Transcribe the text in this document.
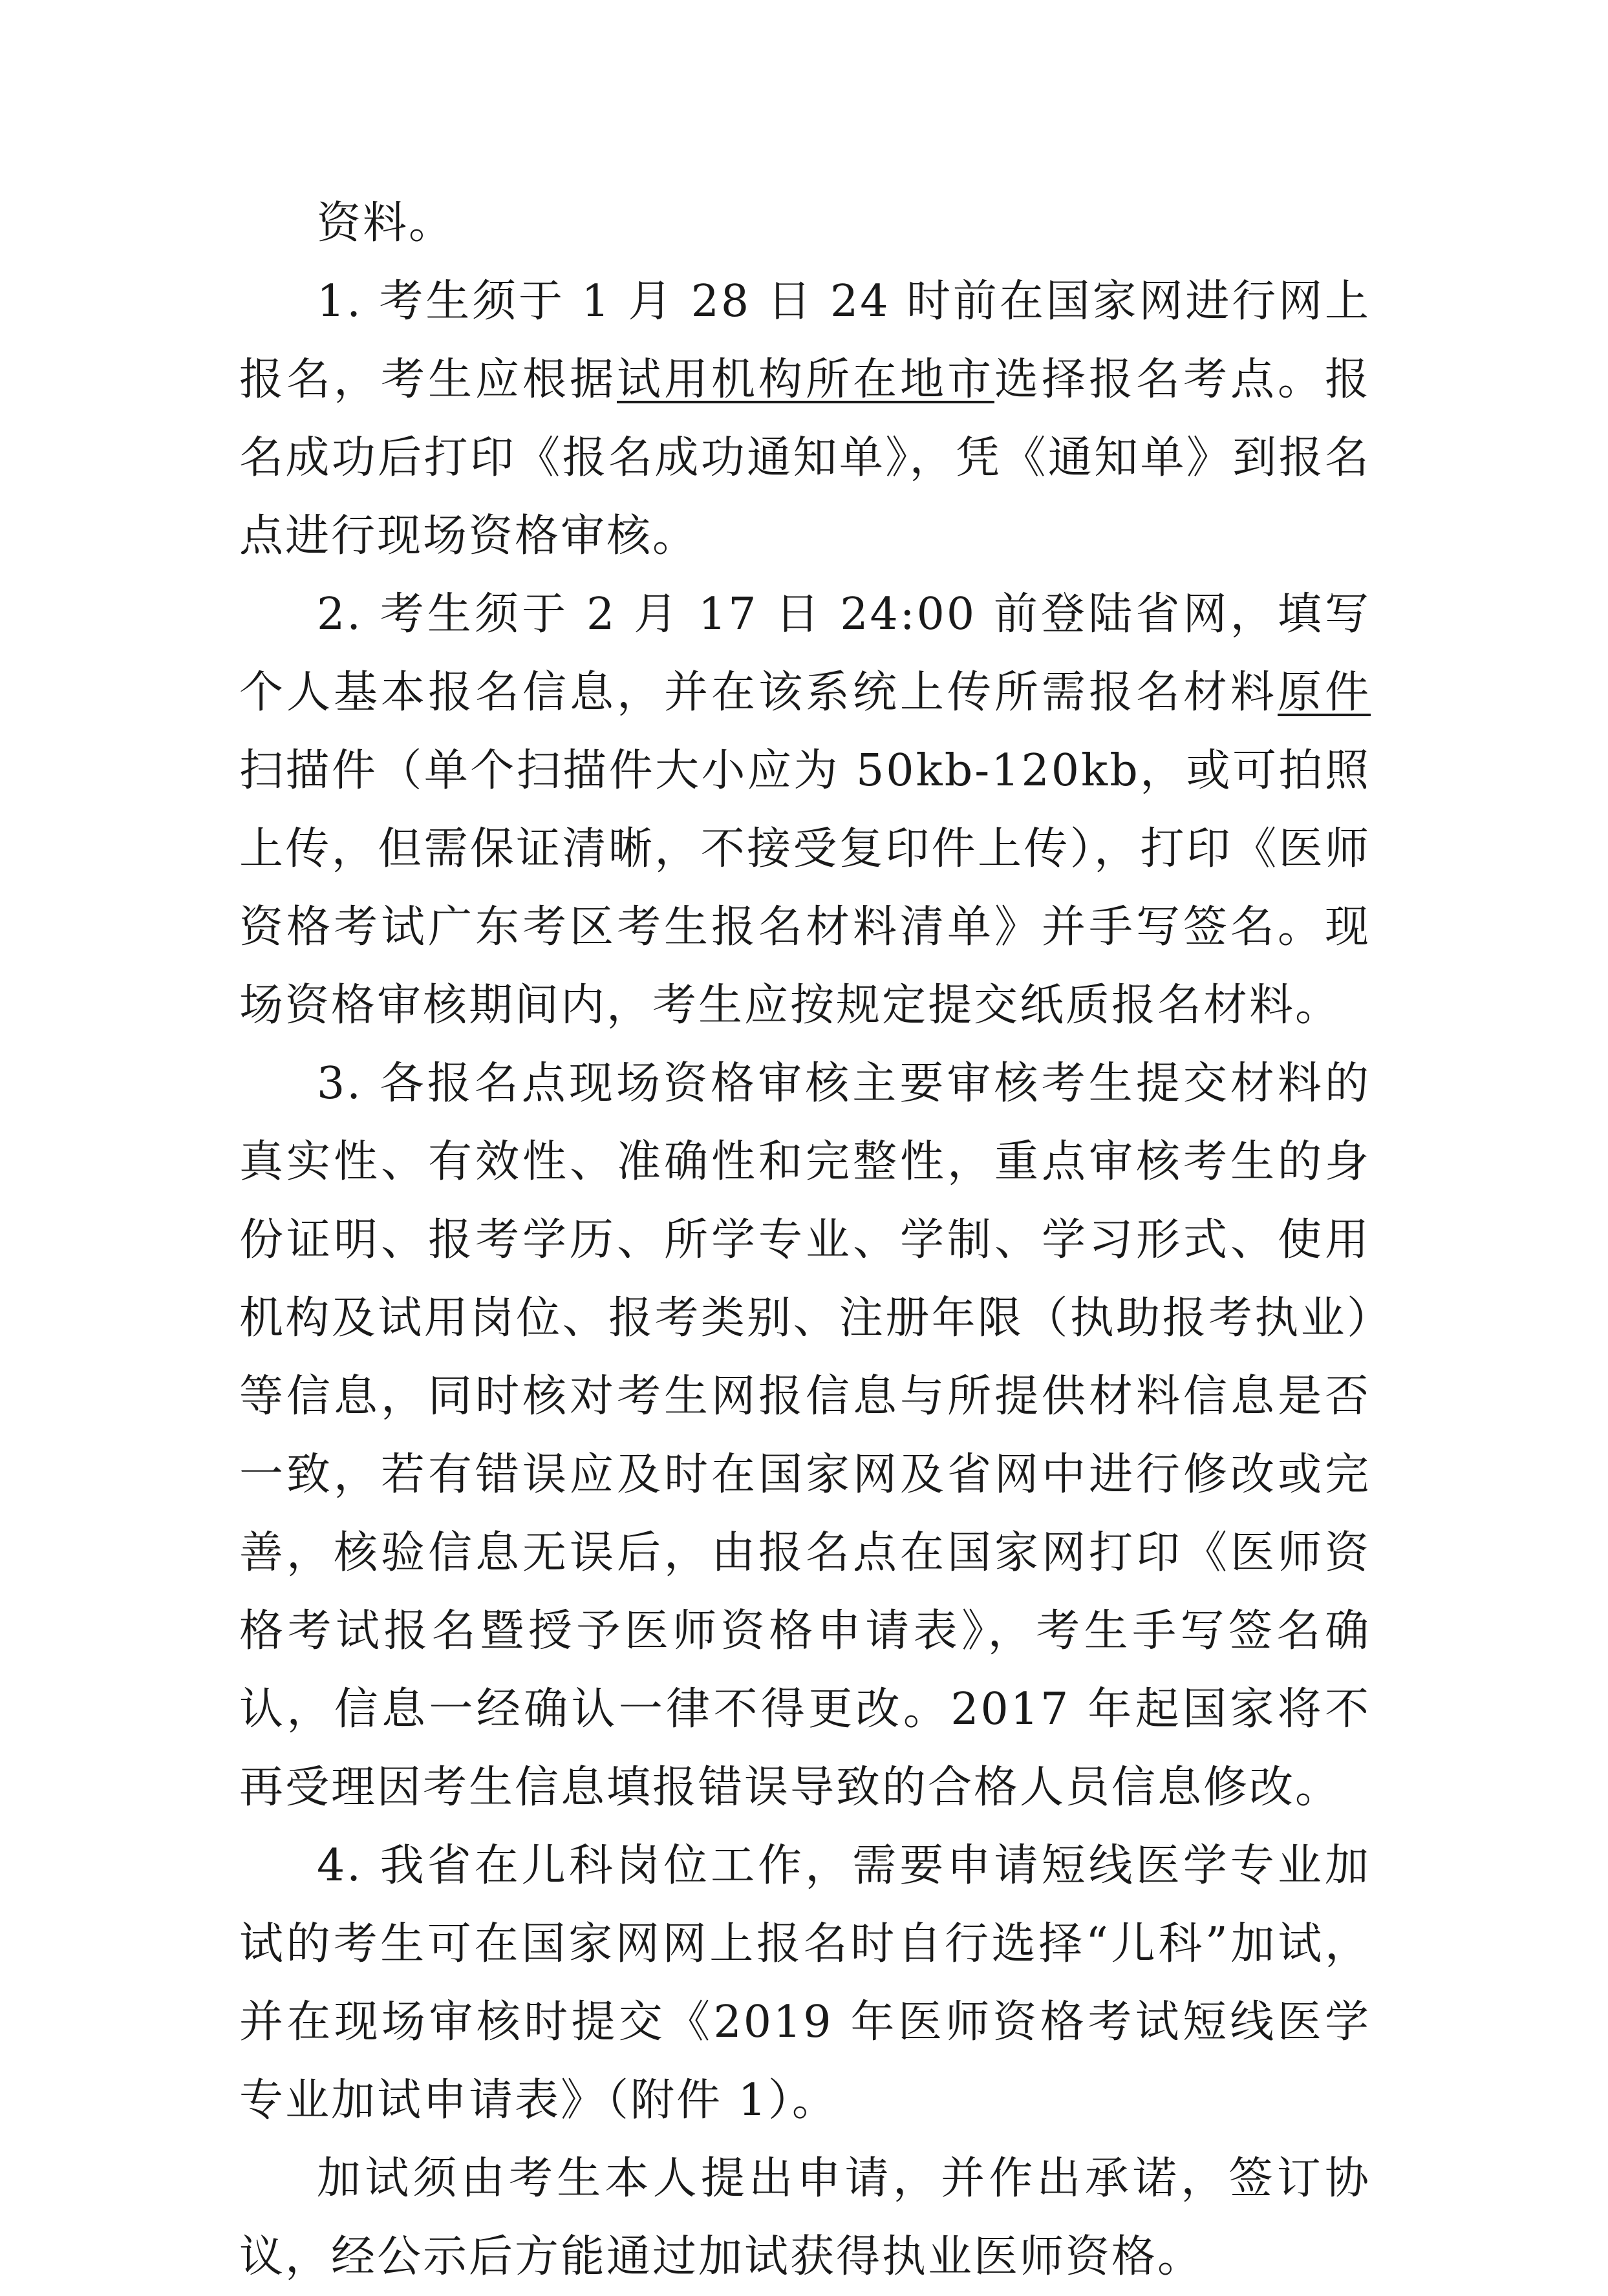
资料。

1. 考生须于 1 月 28 日 24 时前在国家网进行网上报名，考生应根据试用机构所在地市选择报名考点。报名成功后打印《报名成功通知单》，凭《通知单》到报名点进行现场资格审核。

2. 考生须于 2 月 17 日 24:00 前登陆省网，填写个人基本报名信息，并在该系统上传所需报名材料原件扫描件（单个扫描件大小应为 50kb-120kb，或可拍照上传，但需保证清晰，不接受复印件上传），打印《医师资格考试广东考区考生报名材料清单》并手写签名。现场资格审核期间内，考生应按规定提交纸质报名材料。

3. 各报名点现场资格审核主要审核考生提交材料的真实性、有效性、准确性和完整性，重点审核考生的身份证明、报考学历、所学专业、学制、学习形式、使用机构及试用岗位、报考类别、注册年限（执助报考执业）等信息，同时核对考生网报信息与所提供材料信息是否一致，若有错误应及时在国家网及省网中进行修改或完善，核验信息无误后，由报名点在国家网打印《医师资格考试报名暨授予医师资格申请表》，考生手写签名确认，信息一经确认一律不得更改。2017 年起国家将不再受理因考生信息填报错误导致的合格人员信息修改。

4. 我省在儿科岗位工作，需要申请短线医学专业加试的考生可在国家网网上报名时自行选择“儿科”加试，并在现场审核时提交《2019 年医师资格考试短线医学专业加试申请表》（附件 1）。

加试须由考生本人提出申请，并作出承诺，签订协议，经公示后方能通过加试获得执业医师资格。
